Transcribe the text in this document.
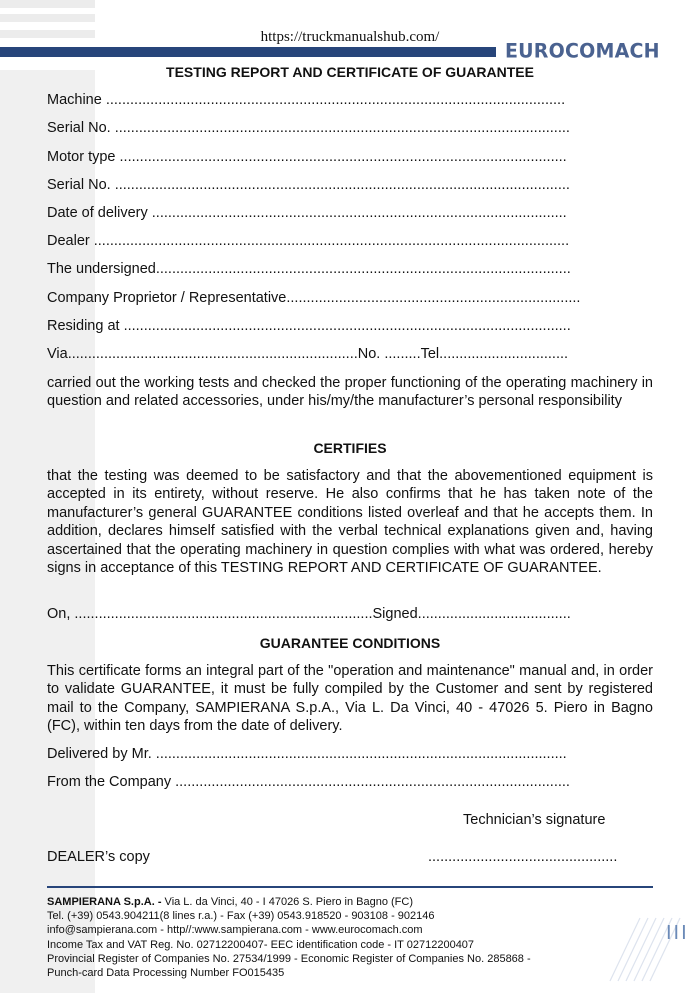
https://truckmanualshub.com/
EUROCOMACH
TESTING REPORT AND CERTIFICATE OF GUARANTEE
Machine ..................................................................................................................
Serial No. .................................................................................................................
Motor type ...............................................................................................................
Serial No. .................................................................................................................
Date of delivery .......................................................................................................
Dealer ......................................................................................................................
The undersigned.......................................................................................................
Company Proprietor / Representative.........................................................................
Residing at ...............................................................................................................
Via........................................................................No. .........Tel................................
carried out the working tests and checked the proper functioning of the operating machinery in question and related accessories, under his/my/the manufacturer’s personal responsibility
CERTIFIES
that the testing was deemed to be satisfactory and that the abovementioned equipment is accepted in its entirety, without reserve. He also confirms that he has taken note of the manufacturer’s general GUARANTEE conditions listed overleaf and that he accepts them. In addition, declares himself satisfied with the verbal technical explanations given and, having ascertained that the operating machinery in question complies with what was ordered, hereby signs in acceptance of this TESTING REPORT AND CERTIFICATE OF GUARANTEE.
On, ..........................................................................Signed......................................
GUARANTEE CONDITIONS
This certificate forms an integral part of the "operation and maintenance" manual and, in order to validate GUARANTEE, it must be fully compiled by the Customer and sent by registered mail to the Company, SAMPIERANA S.p.A., Via L. Da Vinci, 40 - 47026 5. Piero in Bagno (FC), within ten days from the date of delivery.
Delivered by Mr. ......................................................................................................
From the Company ..................................................................................................
Technician’s signature
DEALER’s copy	...............................................
SAMPIERANA S.p.A. - Via L. da Vinci, 40 - I 47026 S. Piero in Bagno (FC)
Tel. (+39) 0543.904211(8 lines r.a.) - Fax (+39) 0543.918520 - 903108 - 902146
info@sampierana.com - http//:www.sampierana.com - www.eurocomach.com
Income Tax and VAT Reg. No. 02712200407- EEC identification code - IT 02712200407
Provincial Register of Companies No. 27534/1999 - Economic Register of Companies No. 285868 -
Punch-card Data Processing Number FO015435
III
